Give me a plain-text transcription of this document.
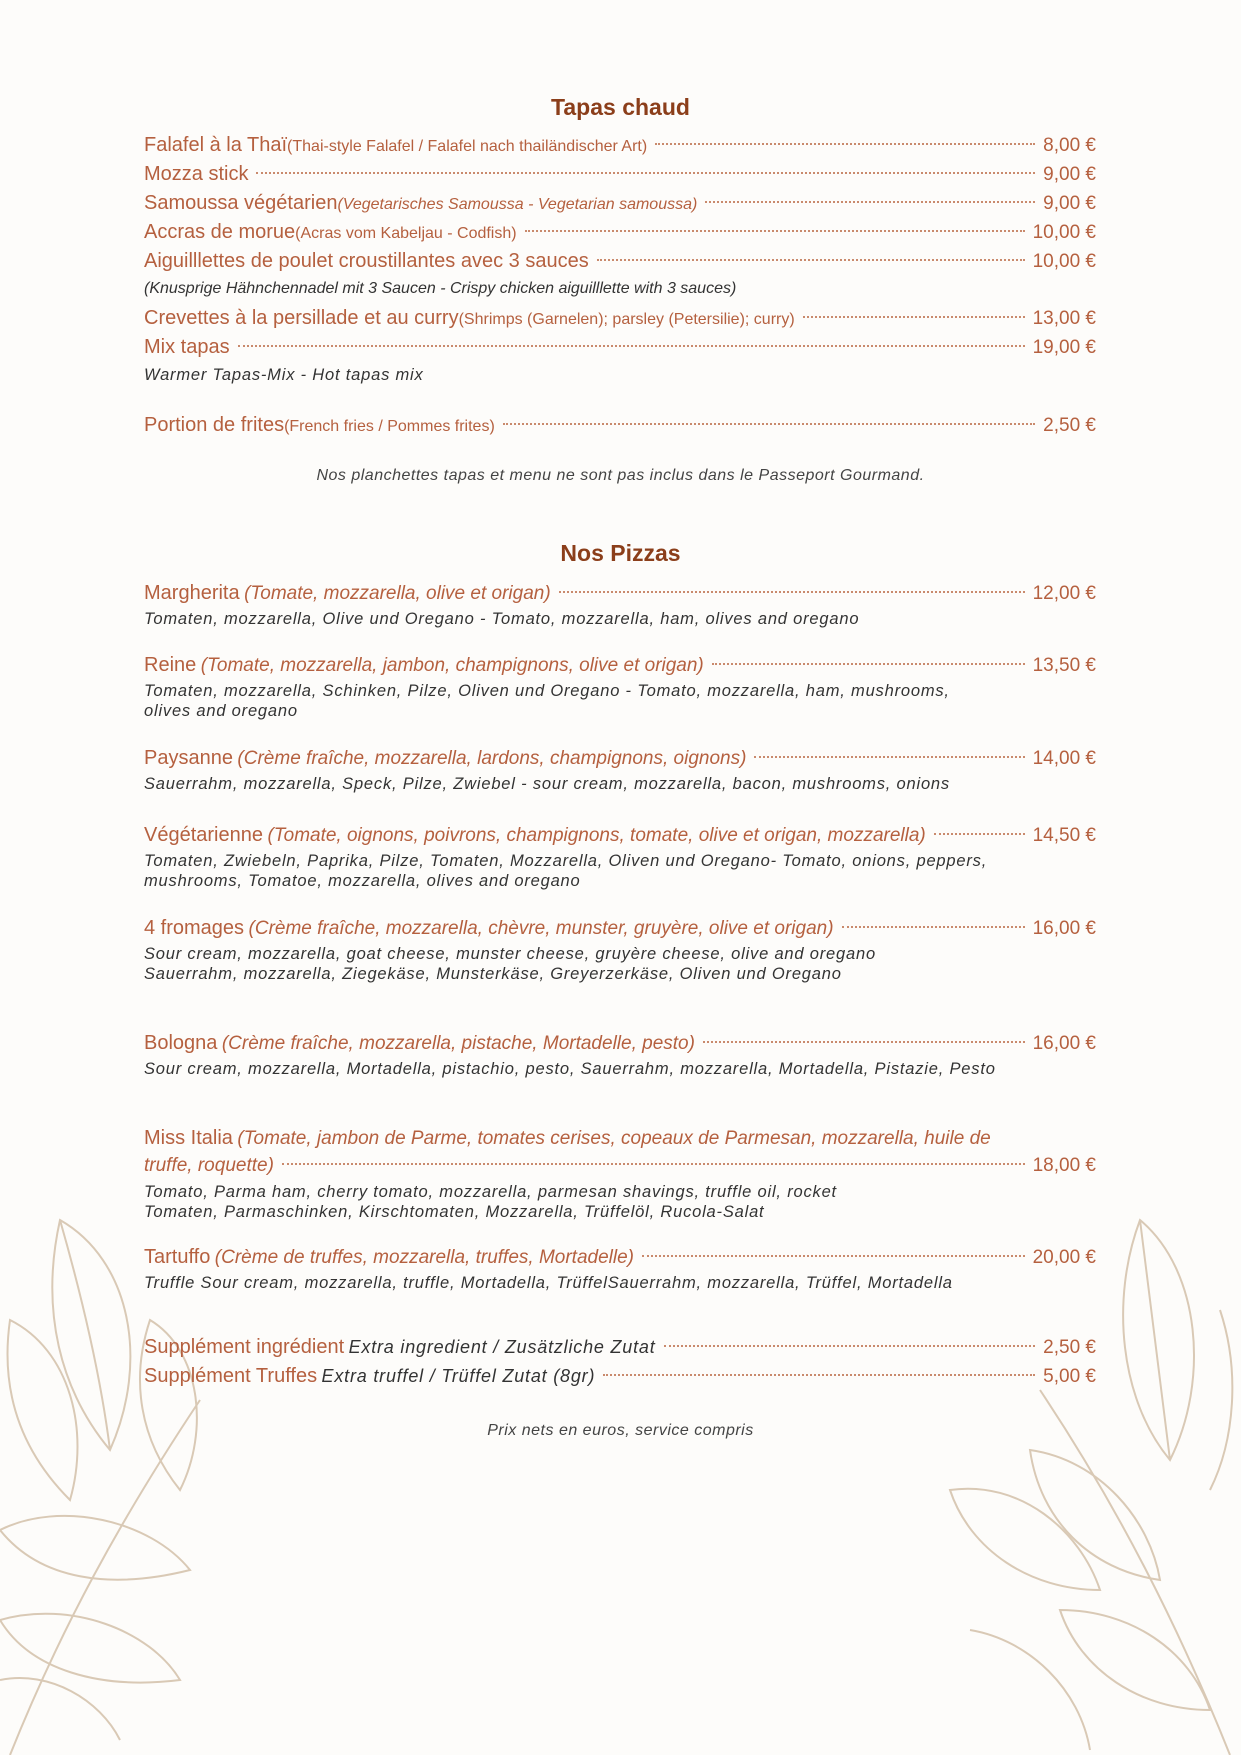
Tapas chaud
Falafel à la Thaï (Thai-style Falafel / Falafel nach thailändischer Art)	8,00 €
Mozza stick	9,00 €
Samoussa végétarien (Vegetarisches Samoussa - Vegetarian samoussa)	9,00 €
Accras de morue (Acras vom Kabeljau - Codfish)	10,00 €
Aiguilllettes de poulet croustillantes avec 3 sauces	10,00 €
(Knusprige Hähnchennadel mit 3 Saucen - Crispy chicken aiguilllette with 3 sauces)
Crevettes à la persillade et au curry (Shrimps (Garnelen); parsley (Petersilie); curry)	13,00 €
Mix tapas	19,00 €
Warmer Tapas-Mix - Hot tapas mix
Portion de frites (French fries / Pommes frites)	2,50 €
Nos planchettes tapas et menu ne sont pas inclus dans le Passeport Gourmand.
Nos Pizzas
Margherita
(Tomate, mozzarella, olive et origan)	12,00 €
Tomaten, mozzarella, Olive und Oregano - Tomato, mozzarella, ham, olives and oregano
Reine
(Tomate, mozzarella, jambon, champignons, olive et origan)	13,50 €
Tomaten, mozzarella, Schinken, Pilze, Oliven und Oregano - Tomato, mozzarella, ham, mushrooms,
olives and oregano
Paysanne
(Crème fraîche, mozzarella, lardons, champignons, oignons)	14,00 €
Sauerrahm, mozzarella, Speck, Pilze, Zwiebel - sour cream, mozzarella, bacon, mushrooms, onions
Végétarienne
(Tomate, oignons, poivrons, champignons, tomate, olive et origan, mozzarella)	14,50 €
Tomaten, Zwiebeln, Paprika, Pilze, Tomaten, Mozzarella, Oliven und Oregano- Tomato, onions, peppers,
mushrooms, Tomatoe, mozzarella, olives and oregano
4 fromages
(Crème fraîche, mozzarella, chèvre, munster, gruyère, olive et origan)	16,00 €
Sour cream, mozzarella, goat cheese, munster cheese, gruyère cheese, olive and oregano
Sauerrahm, mozzarella, Ziegekäse, Munsterkäse, Greyerzerkäse, Oliven und Oregano
Bologna
(Crème fraîche, mozzarella, pistache, Mortadelle, pesto)	16,00 €
Sour cream, mozzarella, Mortadella, pistachio, pesto, Sauerrahm, mozzarella, Mortadella, Pistazie, Pesto
Miss Italia
(Tomate, jambon de Parme, tomates cerises, copeaux de Parmesan, mozzarella, huile de
truffe, roquette)	18,00 €
Tomato, Parma ham, cherry tomato, mozzarella, parmesan shavings, truffle oil, rocket
Tomaten, Parmaschinken, Kirschtomaten, Mozzarella, Trüffelöl, Rucola-Salat
Tartuffo
(Crème de truffes, mozzarella, truffes, Mortadelle)	20,00 €
Truffle Sour cream, mozzarella, truffle, Mortadella, TrüffelSauerrahm, mozzarella, Trüffel, Mortadella
Supplément ingrédient
Extra ingredient / Zusätzliche Zutat	2,50 €
Supplément Truffes
Extra truffel / Trüffel Zutat (8gr)	5,00 €
Prix nets en euros, service compris
